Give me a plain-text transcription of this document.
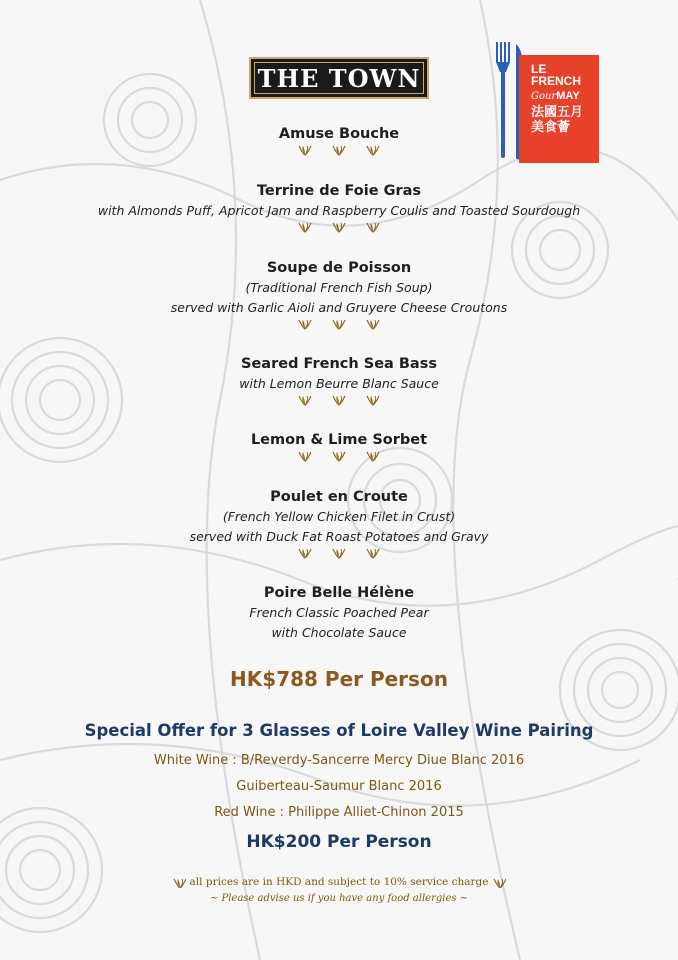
THE TOWN	LE
FRENCH
GourMAY
法國五月
美食薈
Amuse Bouche
Terrine de Foie Gras
with Almonds Puff, Apricot Jam and Raspberry Coulis and Toasted Sourdough
Soupe de Poisson
(Traditional French Fish Soup)
served with Garlic Aioli and Gruyere Cheese Croutons
Seared French Sea Bass
with Lemon Beurre Blanc Sauce
Lemon & Lime Sorbet
Poulet en Croute
(French Yellow Chicken Filet in Crust)
served with Duck Fat Roast Potatoes and Gravy
Poire Belle Hélène
French Classic Poached Pear
with Chocolate Sauce
HK$788 Per Person
Special Offer for 3 Glasses of Loire Valley Wine Pairing
White Wine : B/Reverdy-Sancerre Mercy Diue Blanc 2016
Guiberteau-Saumur Blanc 2016
Red Wine : Philippe Alliet-Chinon 2015
HK$200 Per Person
all prices are in HKD and subject to 10% service charge
~ Please advise us if you have any food allergies ~
